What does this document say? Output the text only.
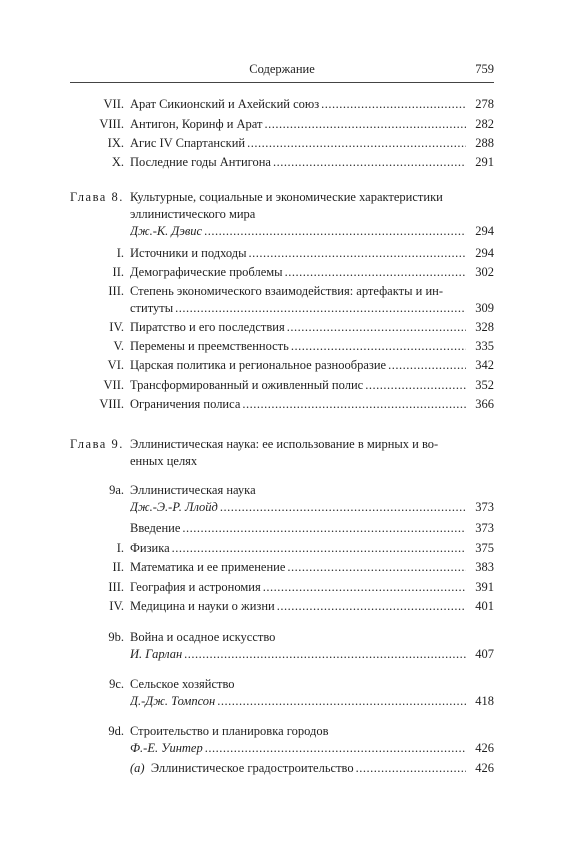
Содержание	759
VII. Арат Сикионский и Ахейский союз .....	278
VIII. Антигон, Коринф и Арат .....	282
IX. Агис IV Спартанский .....	288
X. Последние годы Антигона .....	291
Глава 8. Культурные, социальные и экономические характеристики
эллинистического мира
Дж.-К. Дэвис .....	294
I. Источники и подходы .....	294
II. Демографические проблемы .....	302
III. Степень экономического взаимодействия: артефакты и ин-
ституты .....	309
IV. Пиратство и его последствия .....	328
V. Перемены и преемственность .....	335
VI. Царская политика и региональное разнообразие .....	342
VII. Трансформированный и оживленный полис .....	352
VIII. Ограничения полиса .....	366
Глава 9. Эллинистическая наука: ее использование в мирных и во-
енных целях
9a. Эллинистическая наука
Дж.-Э.-Р. Ллойд .....	373
Введение .....	373
I. Физика .....	375
II. Математика и ее применение .....	383
III. География и астрономия .....	391
IV. Медицина и науки о жизни .....	401
9b. Война и осадное искусство
И. Гарлан .....	407
9c. Сельское хозяйство
Д.-Дж. Томпсон .....	418
9d. Строительство и планировка городов
Ф.-Е. Уинтер .....	426
(a) Эллинистическое градостроительство .....	426
